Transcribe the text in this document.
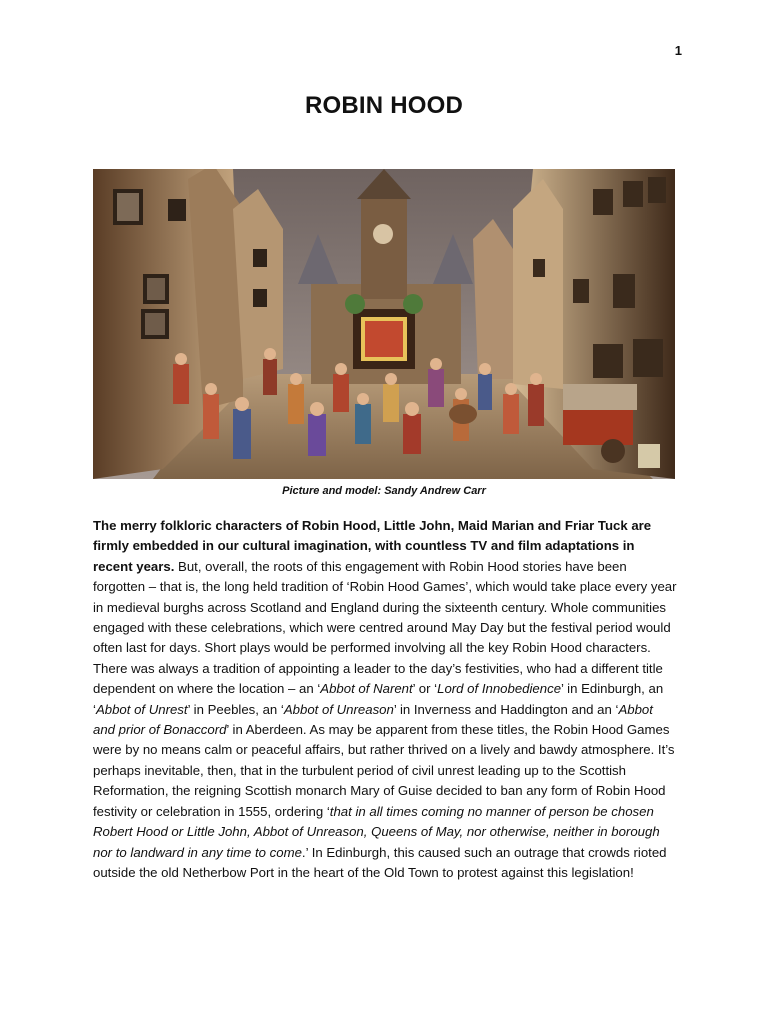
1
ROBIN HOOD
Picture and model: Sandy Andrew Carr
The merry folkloric characters of Robin Hood, Little John, Maid Marian and Friar Tuck are firmly embedded in our cultural imagination, with countless TV and film adaptations in recent years. But, overall, the roots of this engagement with Robin Hood stories have been forgotten – that is, the long held tradition of ‘Robin Hood Games’, which would take place every year in medieval burghs across Scotland and England during the sixteenth century. Whole communities engaged with these celebrations, which were centred around May Day but the festival period would often last for days. Short plays would be performed involving all the key Robin Hood characters. There was always a tradition of appointing a leader to the day’s festivities, who had a different title dependent on where the location – an ‘Abbot of Narent’ or ‘Lord of Innobedience’ in Edinburgh, an ‘Abbot of Unrest’ in Peebles, an ‘Abbot of Unreason’ in Inverness and Haddington and an ‘Abbot and prior of Bonaccord’ in Aberdeen. As may be apparent from these titles, the Robin Hood Games were by no means calm or peaceful affairs, but rather thrived on a lively and bawdy atmosphere. It’s perhaps inevitable, then, that in the turbulent period of civil unrest leading up to the Scottish Reformation, the reigning Scottish monarch Mary of Guise decided to ban any form of Robin Hood festivity or celebration in 1555, ordering ‘that in all times coming no manner of person be chosen Robert Hood or Little John, Abbot of Unreason, Queens of May, nor otherwise, neither in borough nor to landward in any time to come.’ In Edinburgh, this caused such an outrage that crowds rioted outside the old Netherbow Port in the heart of the Old Town to protest against this legislation!
